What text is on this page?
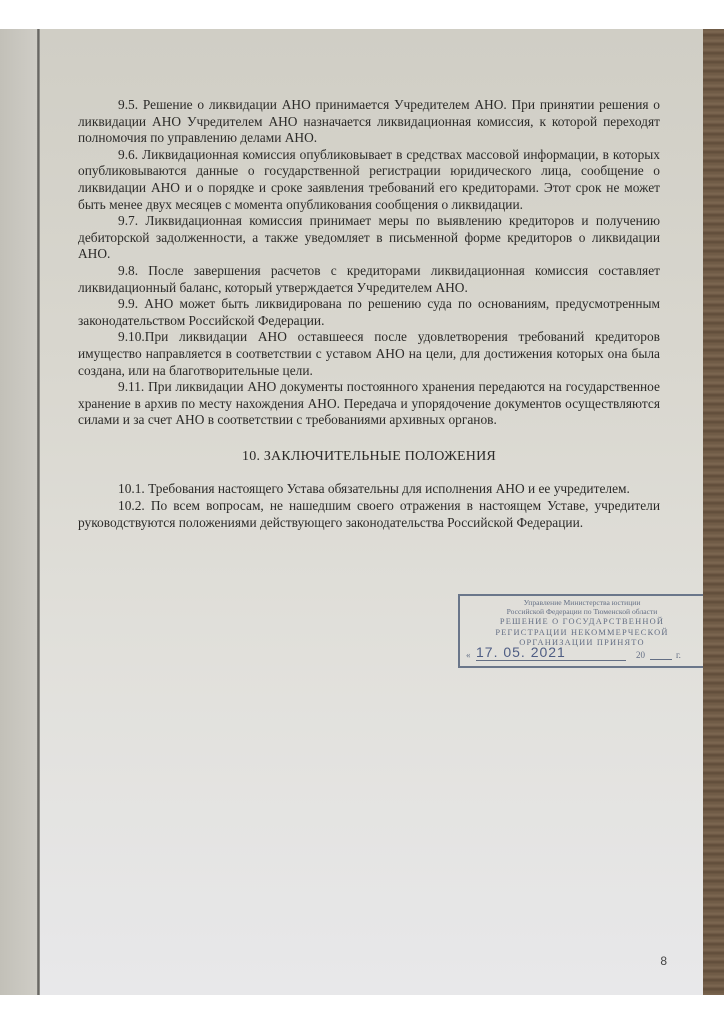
9.5. Решение о ликвидации АНО принимается Учредителем АНО. При принятии решения о ликвидации АНО Учредителем АНО назначается ликвидационная комиссия, к которой переходят полномочия по управлению делами АНО.

9.6. Ликвидационная комиссия опубликовывает в средствах массовой информации, в которых опубликовываются данные о государственной регистрации юридического лица, сообщение о ликвидации АНО и о порядке и сроке заявления требований его кредиторами. Этот срок не может быть менее двух месяцев с момента опубликования сообщения о ликвидации.

9.7. Ликвидационная комиссия принимает меры по выявлению кредиторов и получению дебиторской задолженности, а также уведомляет в письменной форме кредиторов о ликвидации АНО.

9.8. После завершения расчетов с кредиторами ликвидационная комиссия составляет ликвидационный баланс, который утверждается Учредителем АНО.

9.9. АНО может быть ликвидирована по решению суда по основаниям, предусмотренным законодательством Российской Федерации.

9.10.При ликвидации АНО оставшееся после удовлетворения требований кредиторов имущество направляется в соответствии с уставом АНО на цели, для достижения которых она была создана, или на благотворительные цели.

9.11. При ликвидации АНО документы постоянного хранения передаются на государственное хранение в архив по месту нахождения АНО. Передача и упорядочение документов осуществляются силами и за счет АНО в соответствии с требованиями архивных органов.

10. ЗАКЛЮЧИТЕЛЬНЫЕ ПОЛОЖЕНИЯ

10.1. Требования настоящего Устава обязательны для исполнения АНО и ее учредителем.

10.2. По всем вопросам, не нашедшим своего отражения в настоящем Уставе, учредители руководствуются положениями действующего законодательства Российской Федерации.

Управление Министерства юстиции
Российской Федерации по Тюменской области
РЕШЕНИЕ О ГОСУДАРСТВЕННОЙ
РЕГИСТРАЦИИ НЕКОММЕРЧЕСКОЙ
ОРГАНИЗАЦИИ ПРИНЯТО
« 17. 05. 2021	20	г.
8
